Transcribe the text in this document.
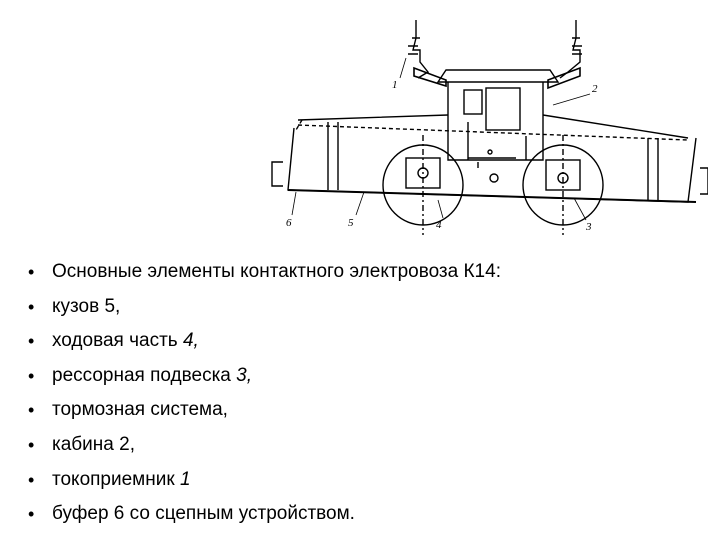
1	2
3
4
5
6
• Основные элементы контактного электровоза К14:
• кузов 5,
• ходовая часть 4,
• рессорная подвеска 3,
• тормозная система,
• кабина 2,
• токоприемник 1
• буфер 6 со сцепным устройством.
